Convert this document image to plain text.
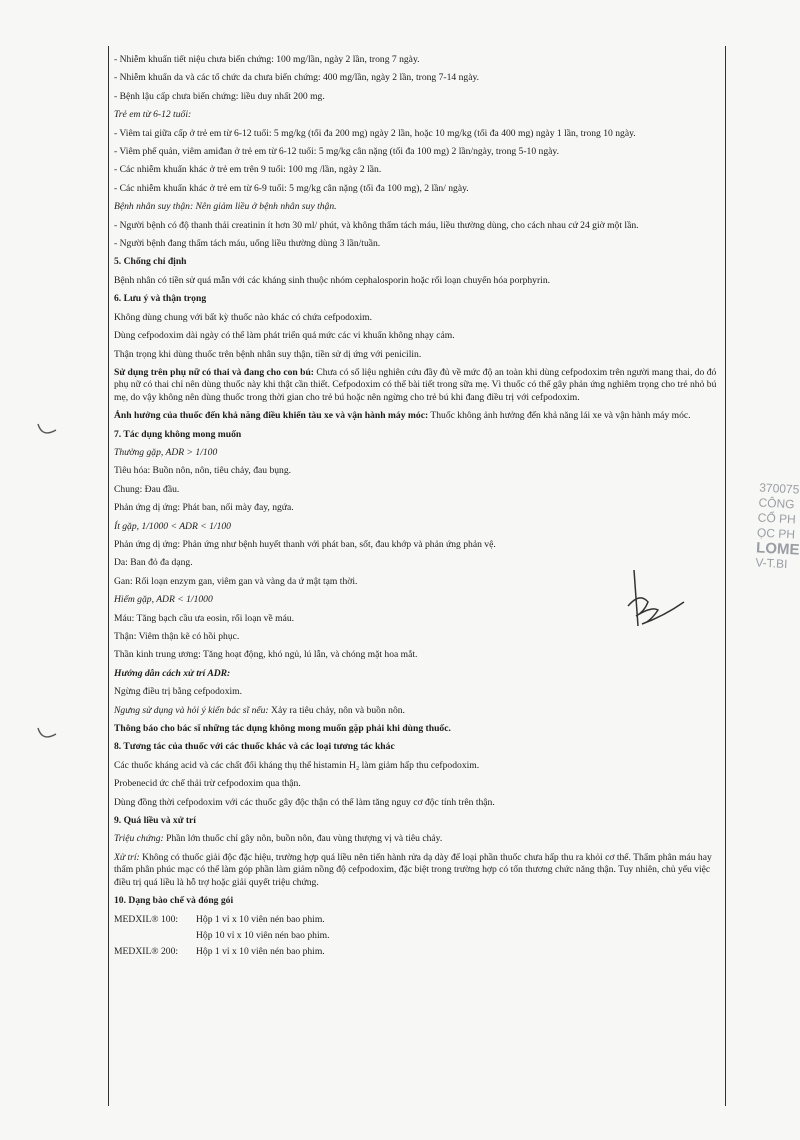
- Nhiễm khuẩn tiết niệu chưa biến chứng: 100 mg/lần, ngày 2 lần, trong 7 ngày.
- Nhiễm khuẩn da và các tổ chức da chưa biến chứng: 400 mg/lần, ngày 2 lần, trong 7-14 ngày.
- Bệnh lậu cấp chưa biến chứng: liều duy nhất 200 mg.
Trẻ em từ 6-12 tuổi:
- Viêm tai giữa cấp ở trẻ em từ 6-12 tuổi: 5 mg/kg (tối đa 200 mg) ngày 2 lần, hoặc 10 mg/kg (tối đa 400 mg) ngày 1 lần, trong 10 ngày.
- Viêm phế quản, viêm amiđan ở trẻ em từ 6-12 tuổi: 5 mg/kg cân nặng (tối đa 100 mg) 2 lần/ngày, trong 5-10 ngày.
- Các nhiễm khuẩn khác ở trẻ em trên 9 tuổi: 100 mg /lần, ngày 2 lần.
- Các nhiễm khuẩn khác ở trẻ em từ 6-9 tuổi: 5 mg/kg cân nặng (tối đa 100 mg), 2 lần/ ngày.
Bệnh nhân suy thận: Nên giảm liều ở bệnh nhân suy thận.
- Người bệnh có độ thanh thải creatinin ít hơn 30 ml/ phút, và không thẩm tách máu, liều thường dùng, cho cách nhau cứ 24 giờ một lần.
- Người bệnh đang thẩm tách máu, uống liều thường dùng 3 lần/tuần.
5. Chống chỉ định
Bệnh nhân có tiền sử quá mẫn với các kháng sinh thuộc nhóm cephalosporin hoặc rối loạn chuyển hóa porphyrin.
6. Lưu ý và thận trọng
Không dùng chung với bất kỳ thuốc nào khác có chứa cefpodoxim.
Dùng cefpodoxim dài ngày có thể làm phát triển quá mức các vi khuẩn không nhạy cảm.
Thận trọng khi dùng thuốc trên bệnh nhân suy thận, tiền sử dị ứng với penicilin.
Sử dụng trên phụ nữ có thai và đang cho con bú: Chưa có số liệu nghiên cứu đầy đủ về mức độ an toàn khi dùng cefpodoxim trên người mang thai, do đó phụ nữ có thai chỉ nên dùng thuốc này khi thật cần thiết. Cefpodoxim có thể bài tiết trong sữa mẹ. Vì thuốc có thể gây phản ứng nghiêm trọng cho trẻ nhỏ bú mẹ, do vậy không nên dùng thuốc trong thời gian cho trẻ bú hoặc nên ngừng cho trẻ bú khi đang điều trị với cefpodoxim.
Ảnh hưởng của thuốc đến khả năng điều khiển tàu xe và vận hành máy móc: Thuốc không ảnh hưởng đến khả năng lái xe và vận hành máy móc.
7. Tác dụng không mong muốn
Thường gặp, ADR > 1/100
Tiêu hóa: Buồn nôn, nôn, tiêu chảy, đau bụng.
Chung: Đau đầu.
Phản ứng dị ứng: Phát ban, nổi mày đay, ngứa.
Ít gặp, 1/1000 < ADR < 1/100
Phản ứng dị ứng: Phản ứng như bệnh huyết thanh với phát ban, sốt, đau khớp và phản ứng phản vệ.
Da: Ban đỏ đa dạng.
Gan: Rối loạn enzym gan, viêm gan và vàng da ứ mật tạm thời.
Hiếm gặp, ADR < 1/1000
Máu: Tăng bạch cầu ưa eosin, rối loạn về máu.
Thận: Viêm thận kẽ có hồi phục.
Thần kinh trung ương: Tăng hoạt động, khó ngủ, lú lẫn, và chóng mặt hoa mắt.
Hướng dẫn cách xử trí ADR:
Ngừng điều trị bằng cefpodoxim.
Ngưng sử dụng và hỏi ý kiến bác sĩ nếu: Xảy ra tiêu chảy, nôn và buồn nôn.
Thông báo cho bác sĩ những tác dụng không mong muốn gặp phải khi dùng thuốc.
8. Tương tác của thuốc với các thuốc khác và các loại tương tác khác
Các thuốc kháng acid và các chất đối kháng thụ thể histamin H₂ làm giảm hấp thu cefpodoxim.
Probenecid ức chế thải trừ cefpodoxim qua thận.
Dùng đồng thời cefpodoxim với các thuốc gây độc thận có thể làm tăng nguy cơ độc tính trên thận.
9. Quá liều và xử trí
Triệu chứng: Phần lớn thuốc chỉ gây nôn, buồn nôn, đau vùng thượng vị và tiêu chảy.
Xử trí: Không có thuốc giải độc đặc hiệu, trường hợp quá liều nên tiến hành rửa dạ dày để loại phần thuốc chưa hấp thu ra khỏi cơ thể. Thẩm phân máu hay thẩm phân phúc mạc có thể làm góp phần làm giảm nồng độ cefpodoxim, đặc biệt trong trường hợp có tổn thương chức năng thận. Tuy nhiên, chủ yếu việc điều trị quá liều là hỗ trợ hoặc giải quyết triệu chứng.
10. Dạng bào chế và đóng gói
MEDXIL® 100:	Hộp 1 vỉ x 10 viên nén bao phim.
Hộp 10 vỉ x 10 viên nén bao phim.
MEDXIL® 200:	Hộp 1 vỉ x 10 viên nén bao phim.
370075
CÔNG
CỔ PH
ỌC PH
LOME
V-T.BI
